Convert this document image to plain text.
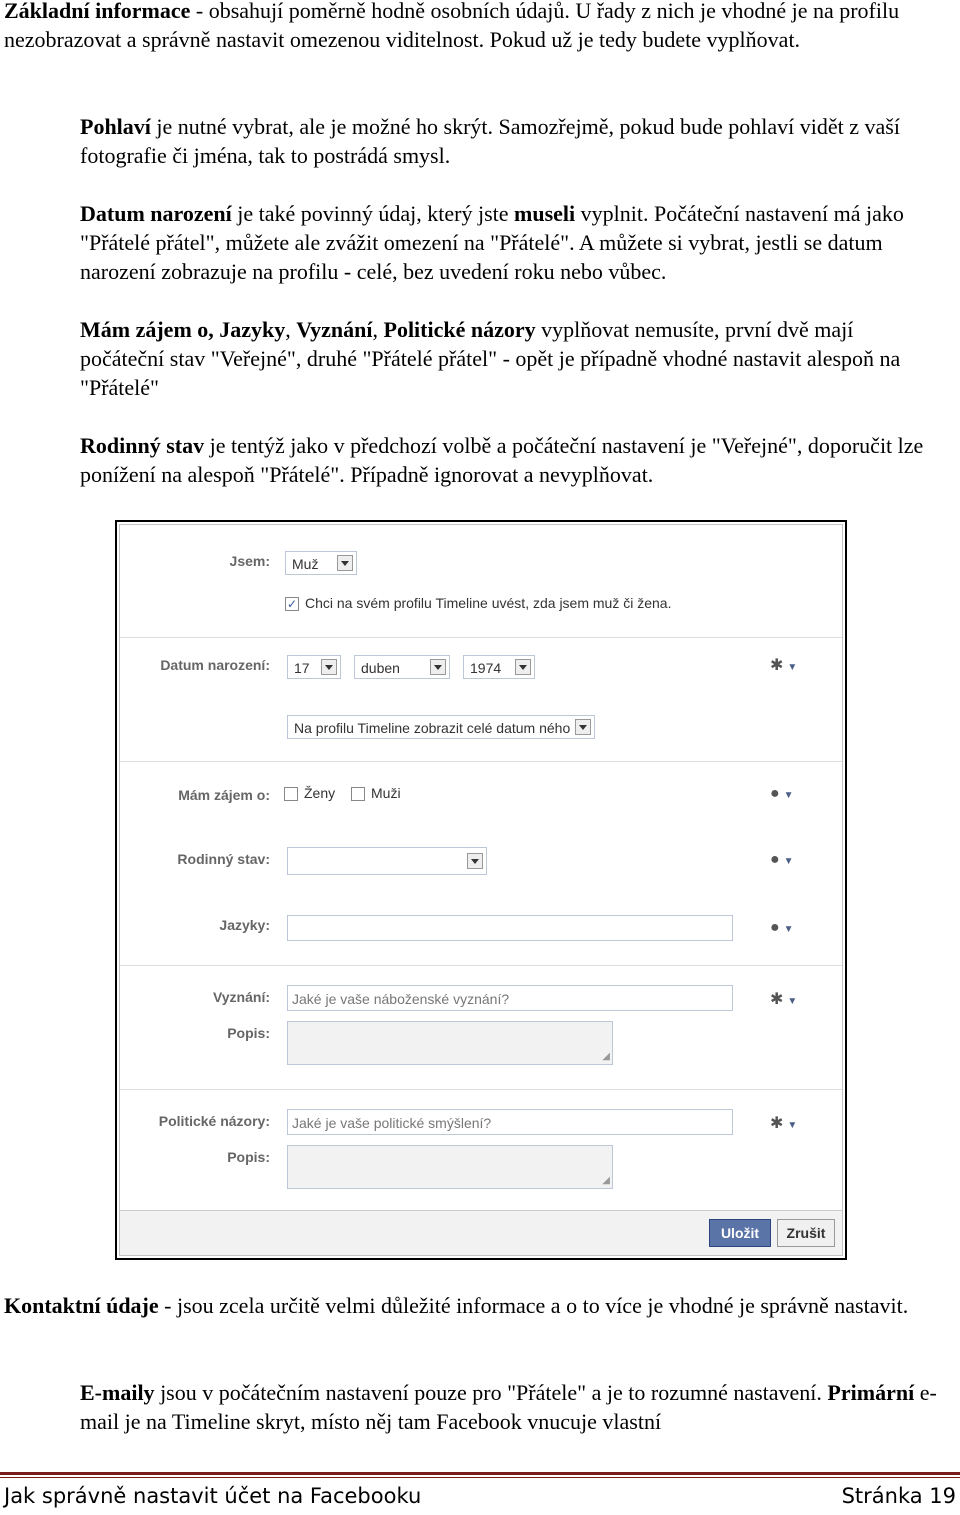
Základní informace - obsahují poměrně hodně osobních údajů. U řady z nich je vhodné je na profilu nezobrazovat a správně nastavit omezenou viditelnost. Pokud už je tedy budete vyplňovat.

Pohlaví je nutné vybrat, ale je možné ho skrýt. Samozřejmě, pokud bude pohlaví vidět z vaší fotografie či jména, tak to postrádá smysl.

Datum narození je také povinný údaj, který jste museli vyplnit. Počáteční nastavení má jako "Přátelé přátel", můžete ale zvážit omezení na "Přátelé". A můžete si vybrat, jestli se datum narození zobrazuje na profilu - celé, bez uvedení roku nebo vůbec.

Mám zájem o, Jazyky, Vyznání, Politické názory vyplňovat nemusíte, první dvě mají počáteční stav "Veřejné", druhé "Přátelé přátel" - opět je případně vhodné nastavit alespoň na "Přátelé"

Rodinný stav je tentýž jako v předchozí volbě a počáteční nastavení je "Veřejné", doporučit lze ponížení na alespoň "Přátelé". Případně ignorovat a nevyplňovat.

Jsem:	Muž
✓ Chci na svém profilu Timeline uvést, zda jsem muž či žena.
Datum narození:	17	duben	1974	✱ ▼
Na profilu Timeline zobrazit celé datum ného
Mám zájem o: Ženy	Muži	● ▼
Rodinný stav:	● ▼
Jazyky:	● ▼
Vyznání:	Jaké je vaše náboženské vyznání?	✱ ▼
Popis:
◢
Politické názory:	Jaké je vaše politické smýšlení?	✱ ▼
Popis:
◢
Uložit	Zrušit

Kontaktní údaje - jsou zcela určitě velmi důležité informace a o to více je vhodné je správně nastavit.

E-maily jsou v počátečním nastavení pouze pro "Přátele" a je to rozumné nastavení. Primární e-mail je na Timeline skryt, místo něj tam Facebook vnucuje vlastní

Jak správně nastavit účet na Facebooku	Stránka 19
